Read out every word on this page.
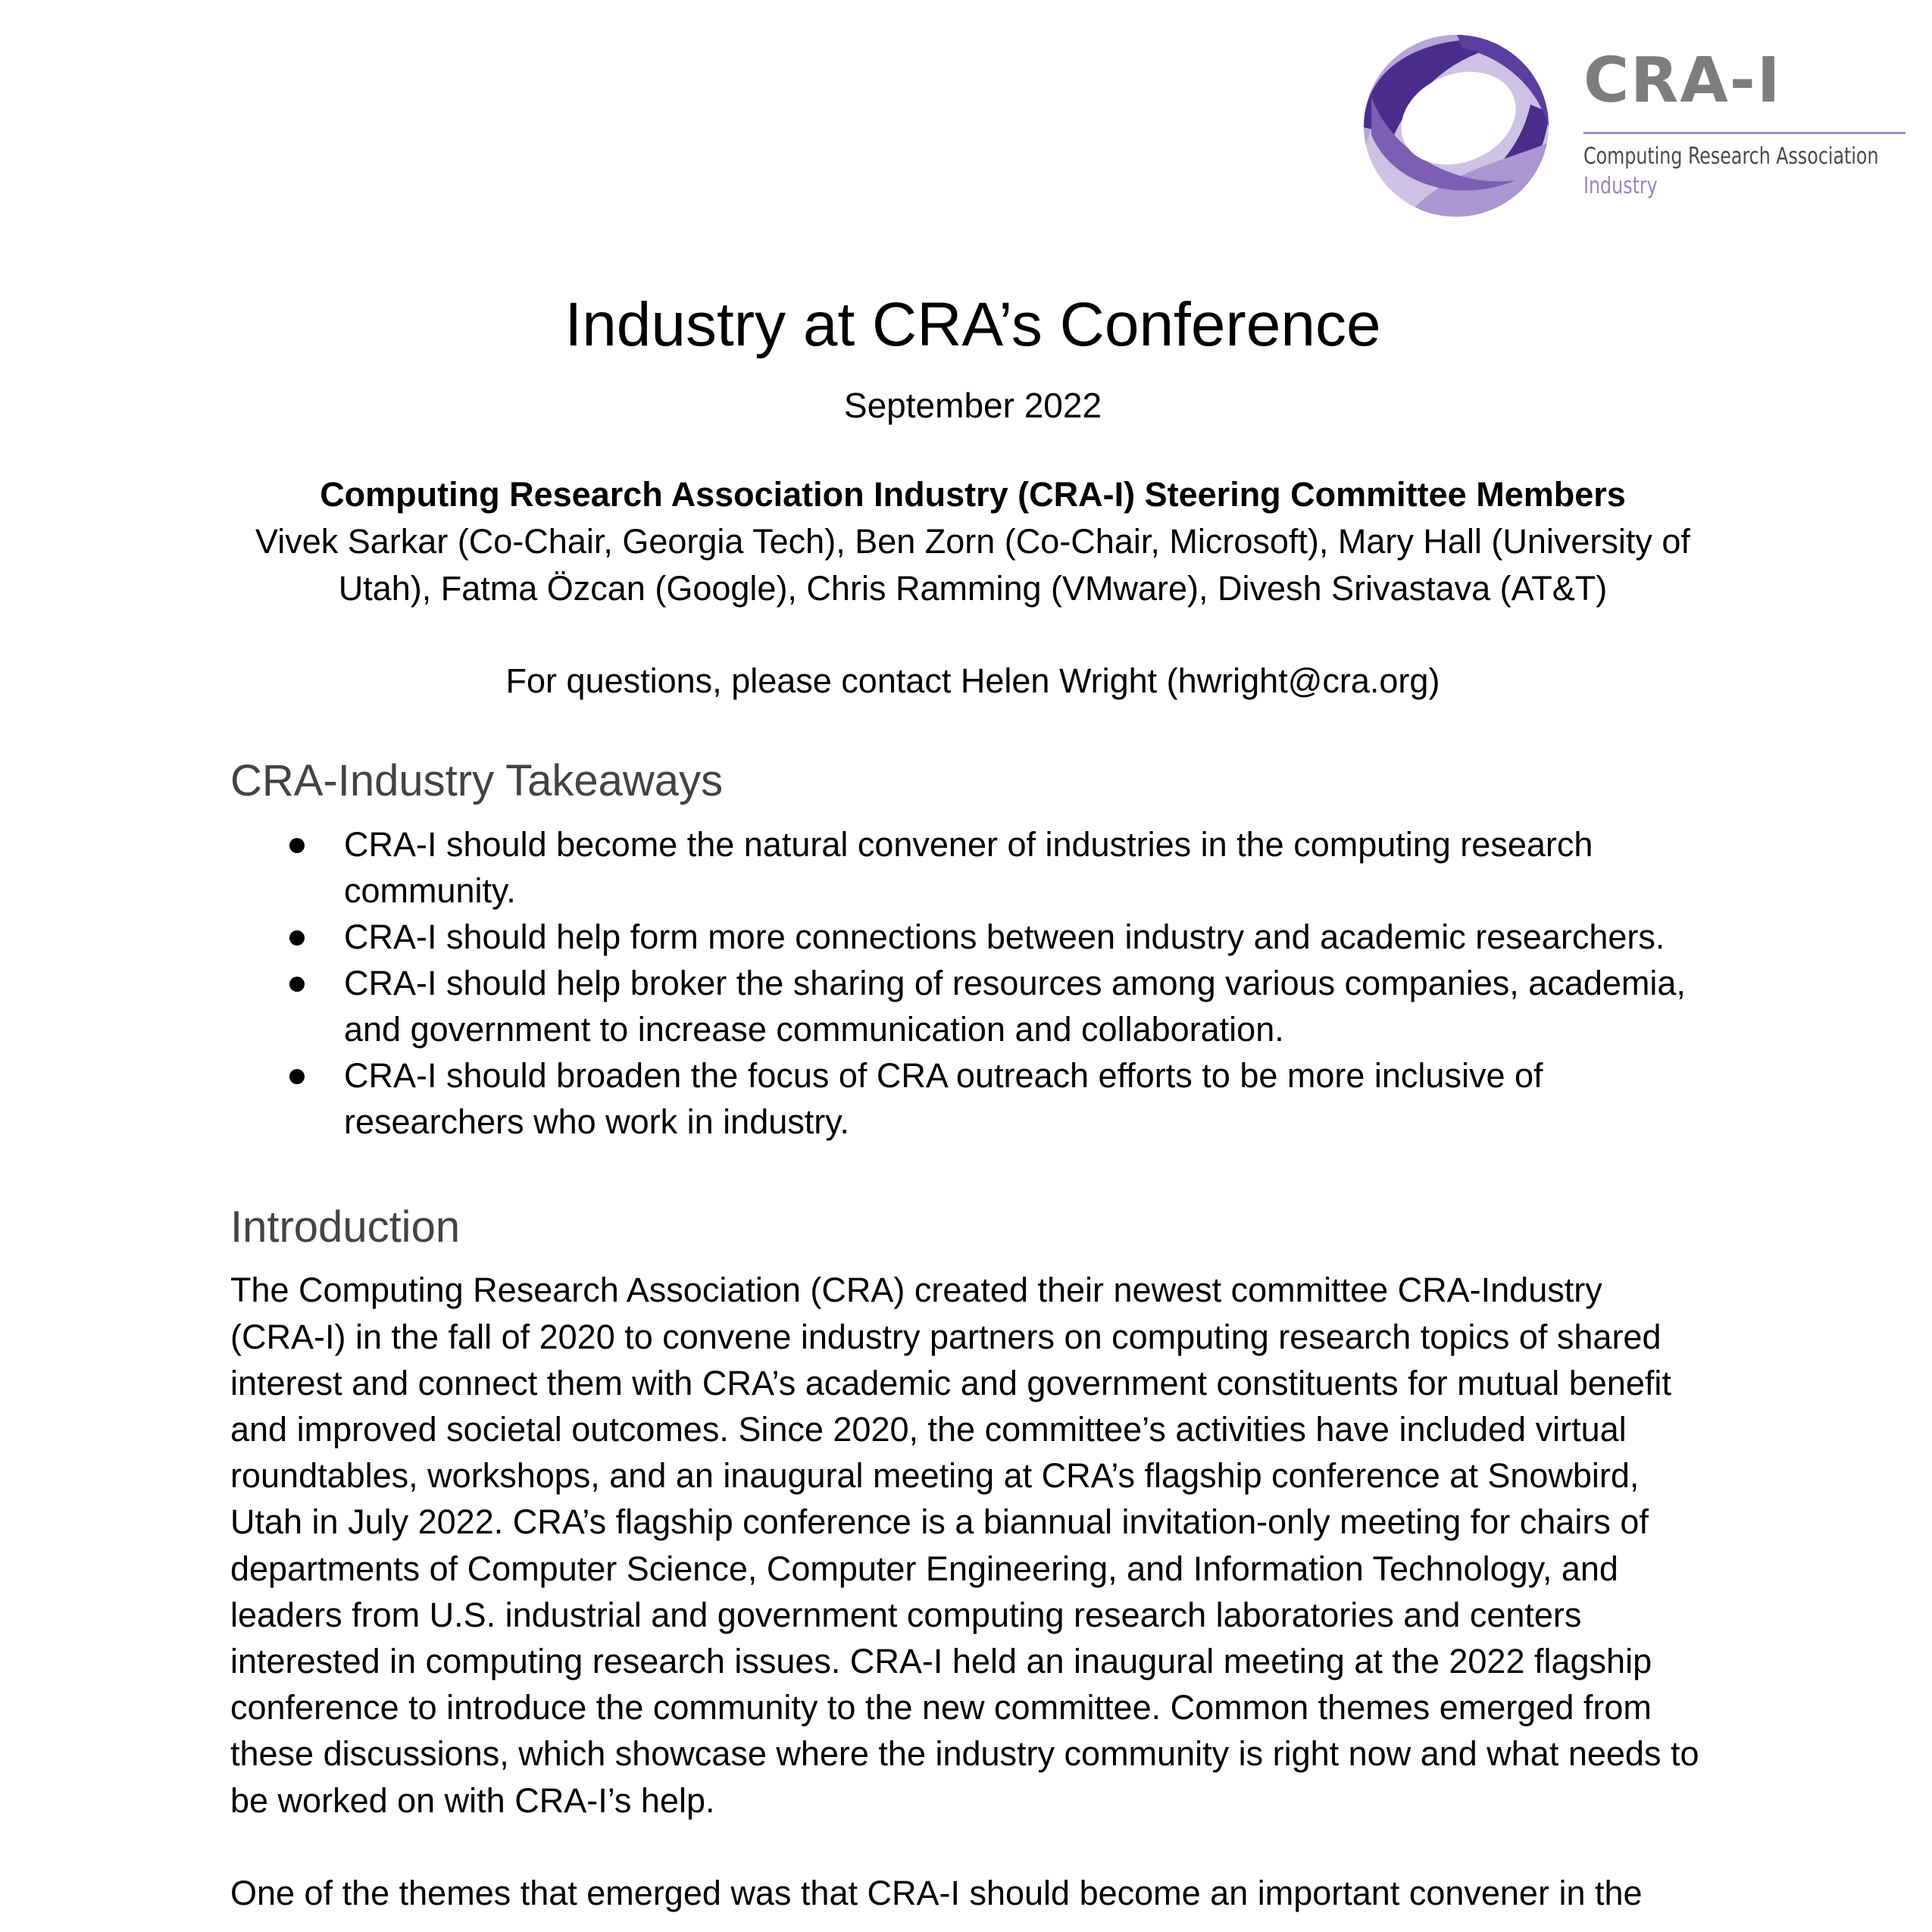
CRA-I
Computing Research Association
Industry
Industry at CRA’s Conference
September 2022
Computing Research Association Industry (CRA-I) Steering Committee Members
Vivek Sarkar (Co-Chair, Georgia Tech), Ben Zorn (Co-Chair, Microsoft), Mary Hall (University of Utah), Fatma Özcan (Google), Chris Ramming (VMware), Divesh Srivastava (AT&T)
For questions, please contact Helen Wright (hwright@cra.org)
CRA-Industry Takeaways
CRA-I should become the natural convener of industries in the computing research community.
CRA-I should help form more connections between industry and academic researchers.
CRA-I should help broker the sharing of resources among various companies, academia, and government to increase communication and collaboration.
CRA-I should broaden the focus of CRA outreach efforts to be more inclusive of researchers who work in industry.
Introduction

The Computing Research Association (CRA) created their newest committee CRA-Industry (CRA-I) in the fall of 2020 to convene industry partners on computing research topics of shared interest and connect them with CRA’s academic and government constituents for mutual benefit and improved societal outcomes. Since 2020, the committee’s activities have included virtual roundtables, workshops, and an inaugural meeting at CRA’s flagship conference at Snowbird, Utah in July 2022. CRA’s flagship conference is a biannual invitation-only meeting for chairs of departments of Computer Science, Computer Engineering, and Information Technology, and leaders from U.S. industrial and government computing research laboratories and centers interested in computing research issues. CRA-I held an inaugural meeting at the 2022 flagship conference to introduce the community to the new committee. Common themes emerged from these discussions, which showcase where the industry community is right now and what needs to be worked on with CRA-I’s help.

One of the themes that emerged was that CRA-I should become an important convener in the
